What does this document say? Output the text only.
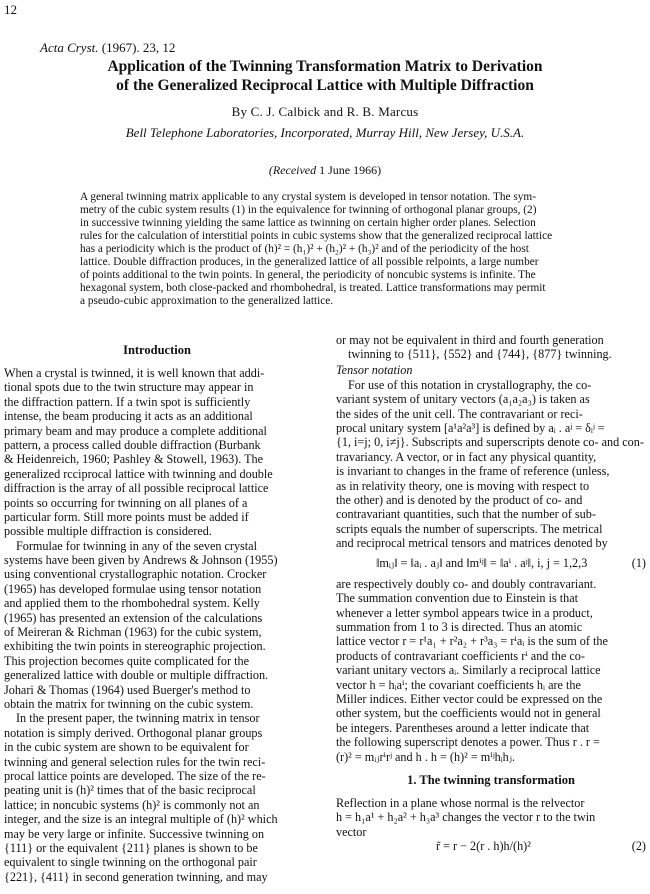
12
Acta Cryst. (1967). 23, 12
Application of the Twinning Transformation Matrix to Derivation
of the Generalized Reciprocal Lattice with Multiple Diffraction
By C. J. Calbick and R. B. Marcus
Bell Telephone Laboratories, Incorporated, Murray Hill, New Jersey, U.S.A.
(Received 1 June 1966)
A general twinning matrix applicable to any crystal system is developed in tensor notation. The sym-
metry of the cubic system results (1) in the equivalence for twinning of orthogonal planar groups, (2)
in successive twinning yielding the same lattice as twinning on certain higher order planes. Selection
rules for the calculation of interstitial points in cubic systems show that the generalized reciprocal lattice
has a periodicity which is the product of (h)² = (h₁)² + (h₂)² + (h₃)² and of the periodicity of the host
lattice. Double diffraction produces, in the generalized lattice of all possible relpoints, a large number
of points additional to the twin points. In general, the periodicity of noncubic systems is infinite. The
hexagonal system, both close-packed and rhombohedral, is treated. Lattice transformations may permit
a pseudo-cubic approximation to the generalized lattice.
Introduction
When a crystal is twinned, it is well known that addi-
tional spots due to the twin structure may appear in
the diffraction pattern. If a twin spot is sufficiently
intense, the beam producing it acts as an additional
primary beam and may produce a complete additional
pattern, a process called double diffraction (Burbank
& Heidenreich, 1960; Pashley & Stowell, 1963). The
generalized rcciprocal lattice with twinning and double
diffraction is the array of all possible reciprocal lattice
points so occurring for twinning on all planes of a
particular form. Still more points must be added if
possible multiple diffraction is considered.
Formulae for twinning in any of the seven crystal
systems have been given by Andrews & Johnson (1955)
using conventional crystallographic notation. Crocker
(1965) has developed formulae using tensor notation
and applied them to the rhombohedral system. Kelly
(1965) has presented an extension of the calculations
of Meireran & Richman (1963) for the cubic system,
exhibiting the twin points in stereographic projection.
This projection becomes quite complicated for the
generalized lattice with double or multiple diffraction.
Johari & Thomas (1964) used Buerger's method to
obtain the matrix for twinning on the cubic system.
In the present paper, the twinning matrix in tensor
notation is simply derived. Orthogonal planar groups
in the cubic system are shown to be equivalent for
twinning and general selection rules for the twin reci-
procal lattice points are developed. The size of the re-
peating unit is (h)² times that of the basic reciprocal
lattice; in noncubic systems (h)² is commonly not an
integer, and the size is an integral multiple of (h)² which
may be very large or infinite. Successive twinning on
{111} or the equivalent {211} planes is shown to be
equivalent to single twinning on the orthogonal pair
{221}, {411} in second generation twinning, and may
or may not be equivalent in third and fourth generation
twinning to {511}, {552} and {744}, {877} twinning.
Tensor notation
For use of this notation in crystallography, the co-
variant system of unitary vectors (a₁a₂a₃) is taken as
the sides of the unit cell. The contravariant or reci-
procal unitary system [a¹a²a³] is defined by aᵢ . aʲ = δᵢʲ =
{1, i=j; 0, i≠j}. Subscripts and superscripts denote co- and con-
travariancy. A vector, or in fact any physical quantity,
is invariant to changes in the frame of reference (unless,
as in relativity theory, one is moving with respect to
the other) and is denoted by the product of co- and
contravariant quantities, such that the number of sub-
scripts equals the number of superscripts. The metrical
and reciprocal metrical tensors and matrices denoted by
‖mᵢⱼ‖ = ‖aᵢ . aⱼ‖ and ‖mⁱʲ‖ = ‖aⁱ . aʲ‖, i, j = 1,2,3	(1)
are respectively doubly co- and doubly contravariant.
The summation convention due to Einstein is that
whenever a letter symbol appears twice in a product,
summation from 1 to 3 is directed. Thus an atomic
lattice vector r = r¹a₁ + r²a₂ + r³a₃ = rⁱaᵢ is the sum of the
products of contravariant coefficients rⁱ and the co-
variant unitary vectors aᵢ. Similarly a reciprocal lattice
vector h = hᵢaⁱ; the covariant coefficients hᵢ are the
Miller indices. Either vector could be expressed on the
other system, but the coefficients would not in general
be integers. Parentheses around a letter indicate that
the following superscript denotes a power. Thus r . r =
(r)² = mᵢⱼrⁱrʲ and h . h = (h)² = mⁱʲhᵢhⱼ.
1. The twinning transformation
Reflection in a plane whose normal is the relvector
h = h₁a¹ + h₂a² + h₃a³ changes the vector r to the twin
vector
r̃ = r − 2(r . h)h/(h)²	(2)
